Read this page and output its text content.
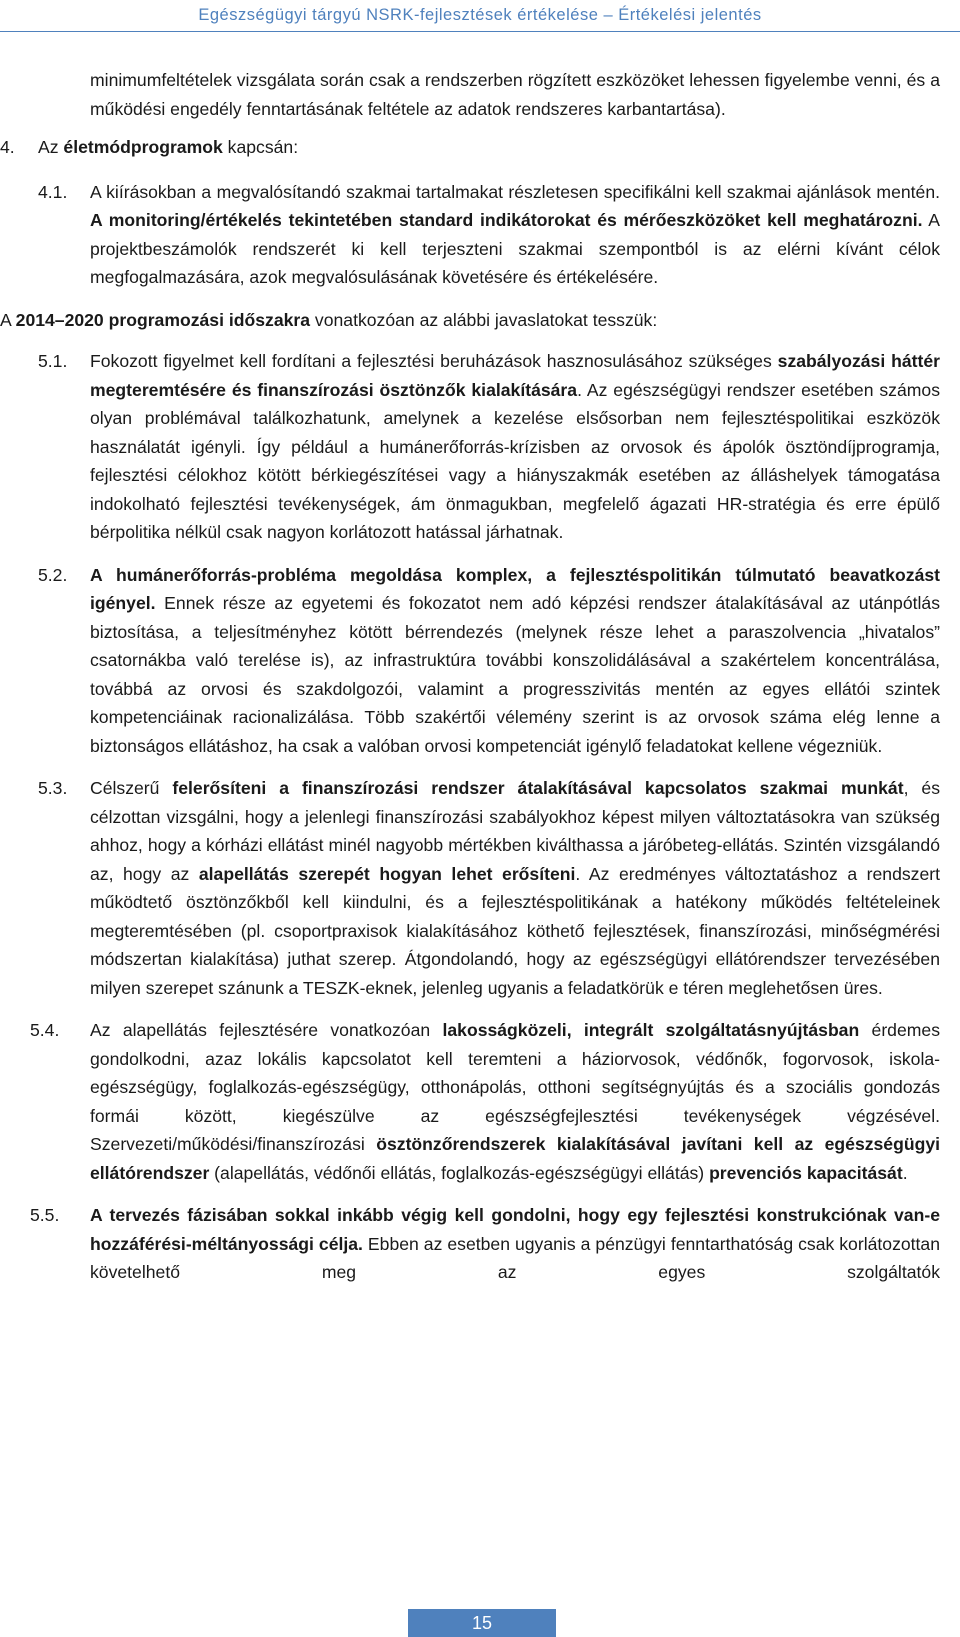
Egészségügyi tárgyú NSRK-fejlesztések értékelése – Értékelési jelentés

minimumfeltételek vizsgálata során csak a rendszerben rögzített eszközöket lehessen figyelembe venni, és a működési engedély fenntartásának feltétele az adatok rendszeres karbantartása).

4. Az életmódprogramok kapcsán:
4.1. A kiírásokban a megvalósítandó szakmai tartalmakat részletesen specifikálni kell szakmai ajánlások mentén. A monitoring/értékelés tekintetében standard indikátorokat és mérőeszközöket kell meghatározni. A projektbeszámolók rendszerét ki kell terjeszteni szakmai szempontból is az elérni kívánt célok megfogalmazására, azok megvalósulásának követésére és értékelésére.

A 2014–2020 programozási időszakra vonatkozóan az alábbi javaslatokat tesszük:

5.1. Fokozott figyelmet kell fordítani a fejlesztési beruházások hasznosulásához szükséges szabályozási háttér megteremtésére és finanszírozási ösztönzők kialakítására. Az egészségügyi rendszer esetében számos olyan problémával találkozhatunk, amelynek a kezelése elsősorban nem fejlesztéspolitikai eszközök használatát igényli. Így például a humánerőforrás-krízisben az orvosok és ápolók ösztöndíjprogramja, fejlesztési célokhoz kötött bérkiegészítései vagy a hiányszakmák esetében az álláshelyek támogatása indokolható fejlesztési tevékenységek, ám önmagukban, megfelelő ágazati HR-stratégia és erre épülő bérpolitika nélkül csak nagyon korlátozott hatással járhatnak.
5.2. A humánerőforrás-probléma megoldása komplex, a fejlesztéspolitikán túlmutató beavatkozást igényel. Ennek része az egyetemi és fokozatot nem adó képzési rendszer átalakításával az utánpótlás biztosítása, a teljesítményhez kötött bérrendezés (melynek része lehet a paraszolvencia „hivatalos” csatornákba való terelése is), az infrastruktúra további konszolidálásával a szakértelem koncentrálása, továbbá az orvosi és szakdolgozói, valamint a progresszivitás mentén az egyes ellátói szintek kompetenciáinak racionalizálása. Több szakértői vélemény szerint is az orvosok száma elég lenne a biztonságos ellátáshoz, ha csak a valóban orvosi kompetenciát igénylő feladatokat kellene végezniük.
5.3. Célszerű felerősíteni a finanszírozási rendszer átalakításával kapcsolatos szakmai munkát, és célzottan vizsgálni, hogy a jelenlegi finanszírozási szabályokhoz képest milyen változtatásokra van szükség ahhoz, hogy a kórházi ellátást minél nagyobb mértékben kiválthassa a járóbeteg-ellátás. Szintén vizsgálandó az, hogy az alapellátás szerepét hogyan lehet erősíteni. Az eredményes változtatáshoz a rendszert működtető ösztönzőkből kell kiindulni, és a fejlesztéspolitikának a hatékony működés feltételeinek megteremtésében (pl. csoportpraxisok kialakításához köthető fejlesztések, finanszírozási, minőségmérési módszertan kialakítása) juthat szerep. Átgondolandó, hogy az egészségügyi ellátórendszer tervezésében milyen szerepet szánunk a TESZK-eknek, jelenleg ugyanis a feladatkörük e téren meglehetősen üres.
5.4. Az alapellátás fejlesztésére vonatkozóan lakosságközeli, integrált szolgáltatásnyújtásban érdemes gondolkodni, azaz lokális kapcsolatot kell teremteni a háziorvosok, védőnők, fogorvosok, iskola-egészségügy, foglalkozás-egészségügy, otthonápolás, otthoni segítségnyújtás és a szociális gondozás formái között, kiegészülve az egészségfejlesztési tevékenységek végzésével. Szervezeti/működési/finanszírozási ösztönzőrendszerek kialakításával javítani kell az egészségügyi ellátórendszer (alapellátás, védőnői ellátás, foglalkozás-egészségügyi ellátás) prevenciós kapacitását.
5.5. A tervezés fázisában sokkal inkább végig kell gondolni, hogy egy fejlesztési konstrukciónak van-e hozzáférési-méltányossági célja. Ebben az esetben ugyanis a pénzügyi fenntarthatóság csak korlátozottan követelhető meg az egyes szolgáltatók
15
